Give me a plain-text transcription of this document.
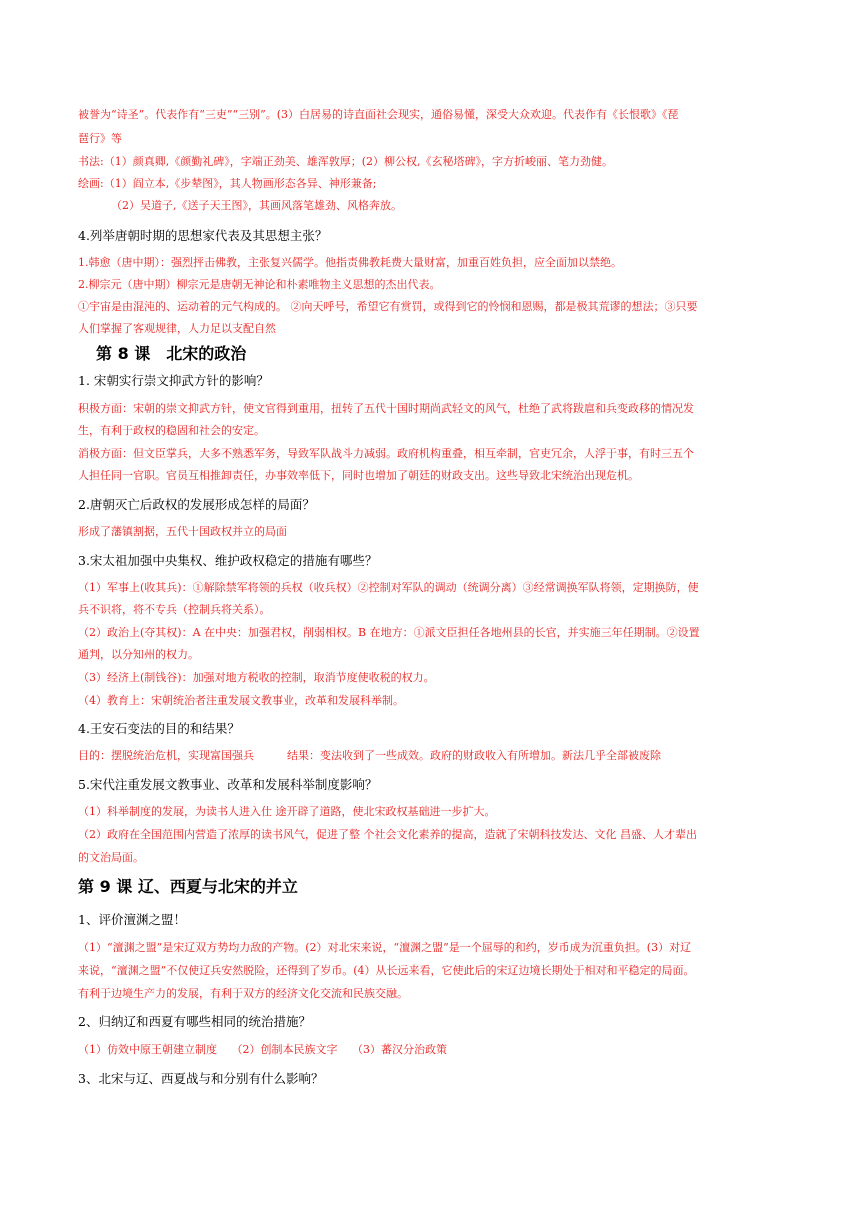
被誉为“诗圣”。代表作有“三吏”“三别”。(3）白居易的诗直面社会现实，通俗易懂，深受大众欢迎。代表作有《长恨歌》《琵
琶行》等
书法:（1）颜真卿,《颜勤礼碑》，字端正劲美、雄浑敦厚；(2）柳公权,《玄秘塔碑》，字方折峻丽、笔力劲健。
绘画:（1）阎立本,《步辇图》，其人物画形态各异、神形兼备;
（2）吴道子,《送子天王图》，其画风落笔雄劲、风格奔放。
4.列举唐朝时期的思想家代表及其思想主张？
1.韩愈（唐中期）：强烈抨击佛教，主张复兴儒学。他指责佛教耗费大量财富，加重百姓负担，应全面加以禁绝。
2.柳宗元（唐中期）柳宗元是唐朝无神论和朴素唯物主义思想的杰出代表。
①宇宙是由混沌的、运动着的元气构成的。 ②向天呼号，希望它有赏罚，或得到它的怜悯和恩赐，都是极其荒谬的想法；③只要
人们掌握了客观规律，人力足以支配自然
第 8 课　北宋的政治
1. 宋朝实行崇文抑武方针的影响？
积极方面：宋朝的崇文抑武方针，使文官得到重用，扭转了五代十国时期尚武轻文的风气，杜绝了武将跋扈和兵变政移的情况发
生，有利于政权的稳固和社会的安定。
消极方面：但文臣掌兵，大多不熟悉军务，导致军队战斗力减弱。政府机构重叠，相互牵制，官吏冗余，人浮于事，有时三五个
人担任同一官职。官员互相推卸责任，办事效率低下，同时也增加了朝廷的财政支出。这些导致北宋统治出现危机。
2.唐朝灭亡后政权的发展形成怎样的局面？
形成了藩镇割据，五代十国政权并立的局面
3.宋太祖加强中央集权、维护政权稳定的措施有哪些？
（1）军事上(收其兵)：①解除禁军将领的兵权（收兵权）②控制对军队的调动（统调分离）③经常调换军队将领，定期换防，使
兵不识将，将不专兵（控制兵将关系）。
（2）政治上(夺其权)：A 在中央：加强君权，削弱相权。B 在地方：①派文臣担任各地州县的长官，并实施三年任期制。②设置
通判，以分知州的权力。
（3）经济上(制钱谷)：加强对地方税收的控制，取消节度使收税的权力。
（4）教育上：宋朝统治者注重发展文教事业，改革和发展科举制。
4.王安石变法的目的和结果？
目的：摆脱统治危机，实现富国强兵　　　结果：变法收到了一些成效。政府的财政收入有所增加。新法几乎全部被废除
5.宋代注重发展文教事业、改革和发展科举制度影响？
（1）科举制度的发展，为读书人进入仕 途开辟了道路，使北宋政权基础进一步扩大。
（2）政府在全国范围内营造了浓厚的读书风气，促进了整 个社会文化素养的提高，造就了宋朝科技发达、文化 昌盛、人才辈出
的文治局面。
第 9 课 辽、西夏与北宋的并立
1、评价澶渊之盟！
（1）“澶渊之盟”是宋辽双方势均力敌的产物。(2）对北宋来说，“澶渊之盟”是一个屈辱的和约，岁币成为沉重负担。(3）对辽
来说，“澶渊之盟”不仅使辽兵安然脱险，还得到了岁币。(4）从长远来看，它使此后的宋辽边境长期处于相对和平稳定的局面。
有利于边境生产力的发展，有利于双方的经济文化交流和民族交融。
2、归纳辽和西夏有哪些相同的统治措施？
（1）仿效中原王朝建立制度　 （2）创制本民族文字　 （3）蕃汉分治政策
3、北宋与辽、西夏战与和分别有什么影响？
